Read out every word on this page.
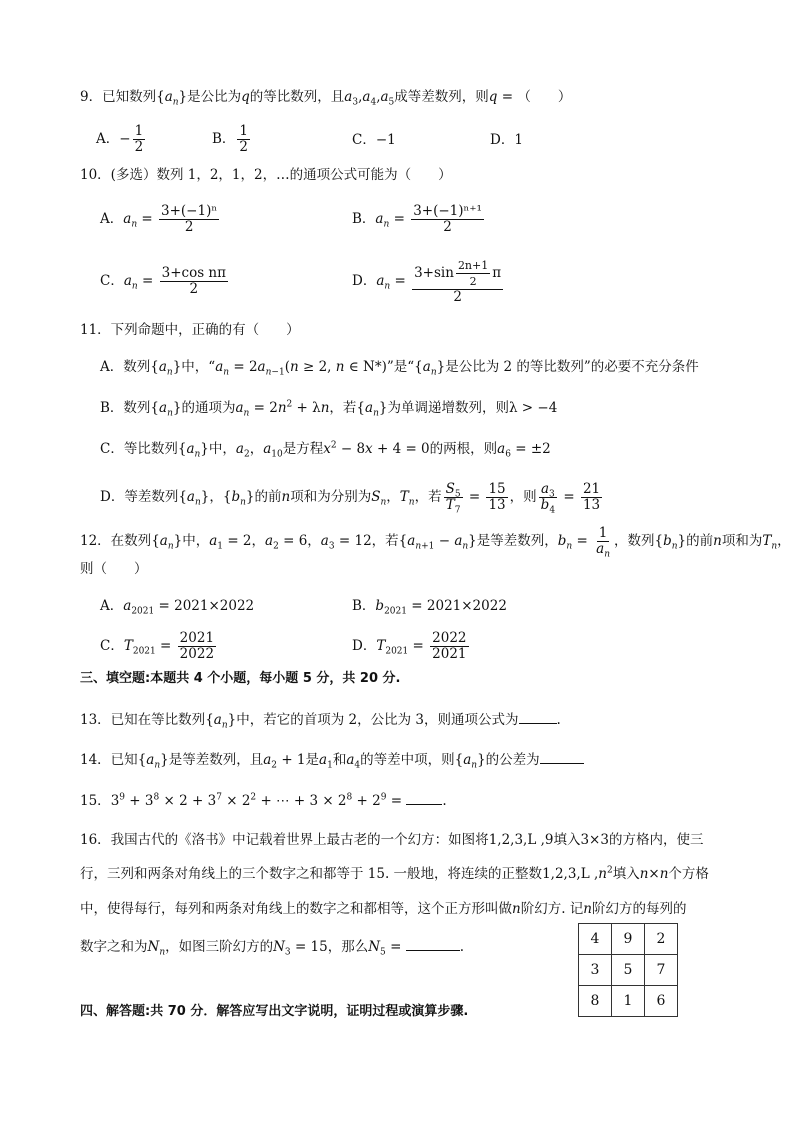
9．已知数列$\{a_n\}$是公比为q的等比数列，且$a_3,a_4,a_5$成等差数列，则q = （　　）
A．− $\frac{1}{2}$	B． $\frac{1}{2}$	C．−1	D．1
10．(多选）数列 1，2，1，2，…的通项公式可能为（　　）
A．$a_n = \frac{\text{3+(−1)ⁿ}}{2}$	B．$a_n = \frac{\text{3+(−1)ⁿ⁺¹}}{2}$
C．$a_n = \frac{\text{3+cos nπ}}{2}$	D．$a_n = \frac{3+\sin \frac{2n+1}{2} \pi}{2}$
11．下列命题中，正确的有（　　）
A．数列$\{a_n\}$中，“$a_n = 2a_{n-1}(n \ge 2$, n ∈ N*)”是“$\{a_n\}$是公比为 2 的等比数列”的必要不充分条件
B．数列$\{a_n\}$的通项为$a_n = 2n^2 + \lambda n$，若$\{a_n\}$为单调递增数列，则λ > −4
C．等比数列$\{a_n\}$中，$a_2$，$a_{10}$是方程$x^2 - 8x + 4 = 0$的两根，则$a_6 = \pm 2$
D．等差数列$\{a_n\}$，$\{b_n\}$的前n项和为分别为$S_n$，$T_n$，若 $\frac{S_5}{T_7} = \frac{15}{13}$ ，则 $\frac{a_3}{b_4} = \frac{21}{13}$
12．在数列$\{a_n\}$中，$a_1 = 2$，$a_2 = 6$，$a_3 = 12$，若$\{a_{n+1} - a_n\}$是等差数列，$b_n = \frac{1}{a_n}$ ，数列$\{b_n\}$的前n项和为$T_n$，
则（　　）
A．$a_{2021} = 2021\times 2022$	B．$b_{2021} = 2021\times 2022$
C．$T_{2021} = \frac{2021}{2022}$	D．$T_{2021} = \frac{2022}{2021}$
三、填空题:本题共 4 个小题，每小题 5 分，共 20 分.
13．已知在等比数列$\{a_n\}$中，若它的首项为 2，公比为 3，则通项公式为	.
14．已知$\{a_n\}$是等差数列，且$a_2 + 1$是$a_1$和$a_4$的等差中项，则$\{a_n\}$的公差为
15．$3^9 + 3^8 \times 2 + 3^7 \times 2^2$ + ⋯ + $3 \times 2^8 + 2^9$ =	.
16．我国古代的《洛书》中记载着世界上最古老的一个幻方：如图将1,2,3,L ,9填入3×3的方格内，使三
行，三列和两条对角线上的三个数字之和都等于 15. 一般地，将连续的正整数1,2,3,L $,n^2$填入n×n个方格
中，使得每行，每列和两条对角线上的数字之和都相等，这个正方形叫做n阶幻方. 记n阶幻方的每列的
数字之和为$N_n$，如图三阶幻方的$N_3 = 15$，那么$N_5$ =	.	4	9	2
3	5	7
8	1	6
四、解答题:共 70 分．解答应写出文字说明，证明过程或演算步骤.
